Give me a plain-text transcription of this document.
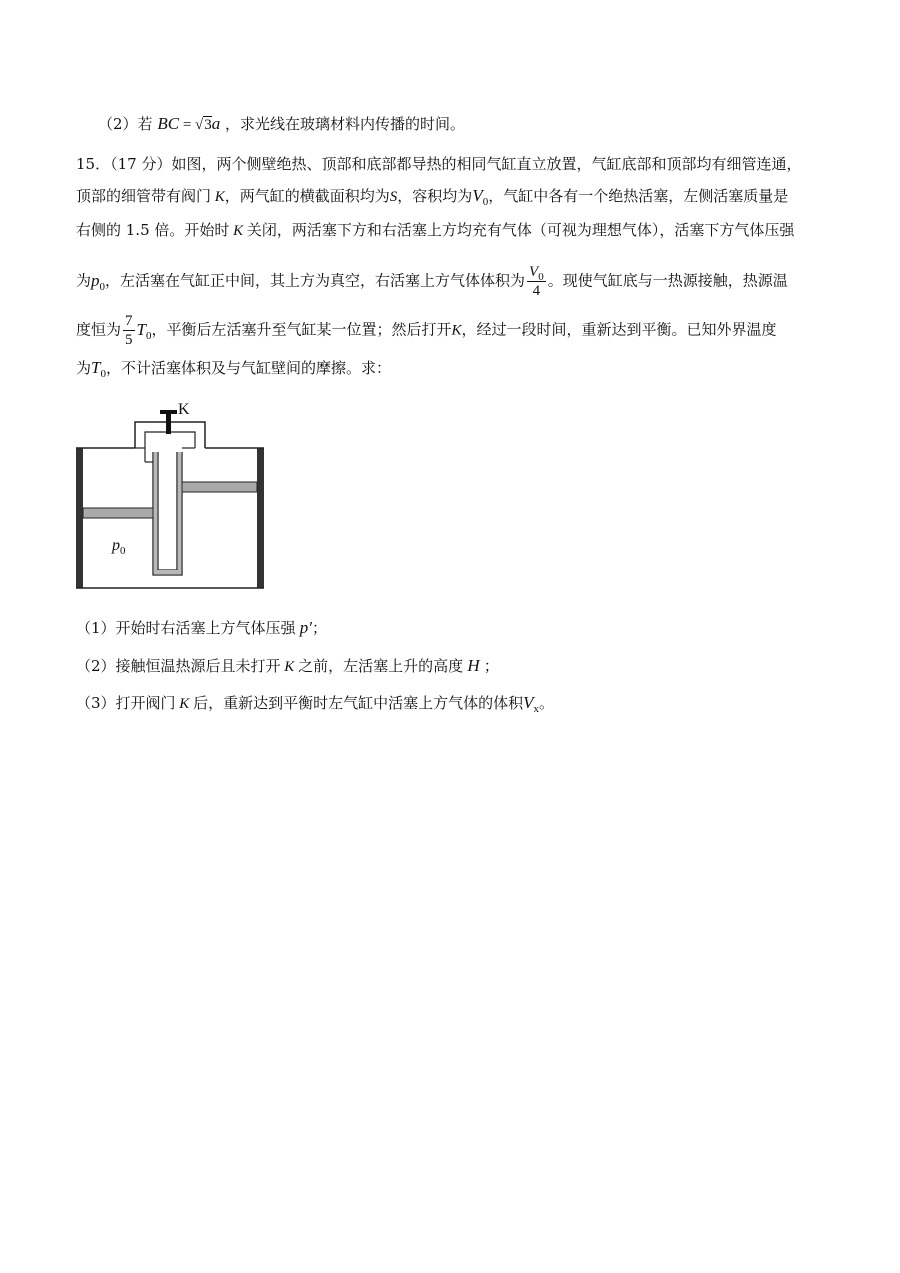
（2）若 BC = √3a ，求光线在玻璃材料内传播的时间。
15．（17 分）如图，两个侧壁绝热、顶部和底部都导热的相同气缸直立放置，气缸底部和顶部均有细管连通，
顶部的细管带有阀门 K，两气缸的横截面积均为S，容积均为$V_0$，气缸中各有一个绝热活塞，左侧活塞质量是
右侧的 1.5 倍。开始时 K 关闭，两活塞下方和右活塞上方均充有气体（可视为理想气体），活塞下方气体压强
为$p_0$，左活塞在气缸正中间，其上方为真空，右活塞上方气体体积为 $\frac{V_0}{4}$ 。现使气缸底与一热源接触，热源温
度恒为 $\frac{7}{5} T_0$，平衡后左活塞升至气缸某一位置；然后打开K，经过一段时间，重新达到平衡。已知外界温度
为$T_0$，不计活塞体积及与气缸壁间的摩擦。求：
K
$p_0$
（1）开始时右活塞上方气体压强 p′；
（2）接触恒温热源后且未打开 K 之前，左活塞上升的高度 H ；
（3）打开阀门 K 后，重新达到平衡时左气缸中活塞上方气体的体积$V_x$。
